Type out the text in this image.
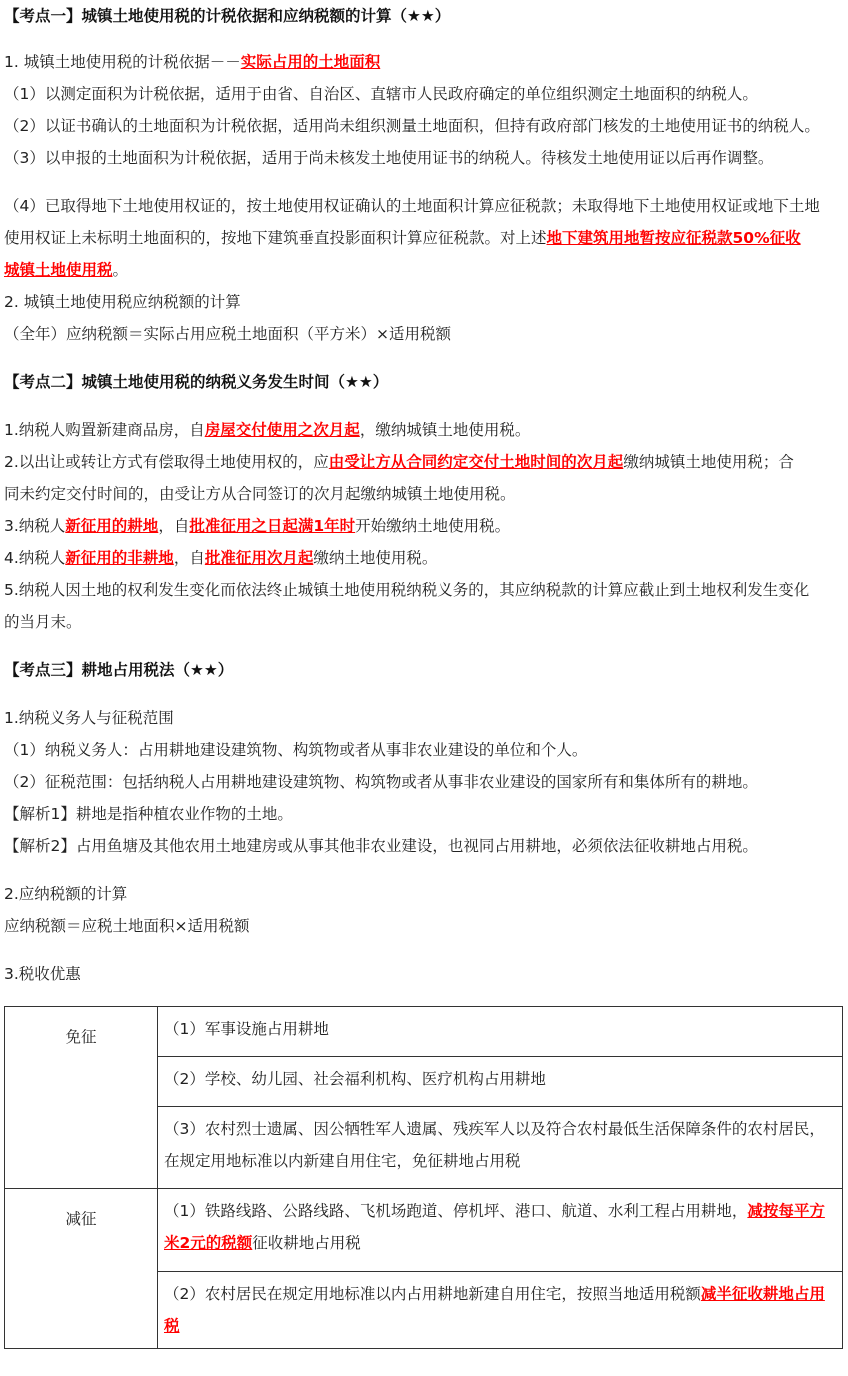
【考点一】城镇土地使用税的计税依据和应纳税额的计算（★★）
1. 城镇土地使用税的计税依据－－实际占用的土地面积
（1）以测定面积为计税依据，适用于由省、自治区、直辖市人民政府确定的单位组织测定土地面积的纳税人。
（2）以证书确认的土地面积为计税依据，适用尚未组织测量土地面积，但持有政府部门核发的土地使用证书的纳税人。
（3）以申报的土地面积为计税依据，适用于尚未核发土地使用证书的纳税人。待核发土地使用证以后再作调整。
（4）已取得地下土地使用权证的，按土地使用权证确认的土地面积计算应征税款；未取得地下土地使用权证或地下土地
使用权证上未标明土地面积的，按地下建筑垂直投影面积计算应征税款。对上述地下建筑用地暂按应征税款50%征收
城镇土地使用税。
2. 城镇土地使用税应纳税额的计算
（全年）应纳税额＝实际占用应税土地面积（平方米）×适用税额
【考点二】城镇土地使用税的纳税义务发生时间（★★）
1.纳税人购置新建商品房，自房屋交付使用之次月起，缴纳城镇土地使用税。
2.以出让或转让方式有偿取得土地使用权的，应由受让方从合同约定交付土地时间的次月起缴纳城镇土地使用税；合
同未约定交付时间的，由受让方从合同签订的次月起缴纳城镇土地使用税。
3.纳税人新征用的耕地，自批准征用之日起满1年时开始缴纳土地使用税。
4.纳税人新征用的非耕地，自批准征用次月起缴纳土地使用税。
5.纳税人因土地的权利发生变化而依法终止城镇土地使用税纳税义务的，其应纳税款的计算应截止到土地权利发生变化
的当月末。
【考点三】耕地占用税法（★★）
1.纳税义务人与征税范围
（1）纳税义务人：占用耕地建设建筑物、构筑物或者从事非农业建设的单位和个人。
（2）征税范围：包括纳税人占用耕地建设建筑物、构筑物或者从事非农业建设的国家所有和集体所有的耕地。
【解析1】耕地是指种植农业作物的土地。
【解析2】占用鱼塘及其他农用土地建房或从事其他非农业建设，也视同占用耕地，必须依法征收耕地占用税。
2.应纳税额的计算
应纳税额＝应税土地面积×适用税额
3.税收优惠
免征	（1）军事设施占用耕地
	（2）学校、幼儿园、社会福利机构、医疗机构占用耕地
	（3）农村烈士遗属、因公牺牲军人遗属、残疾军人以及符合农村最低生活保障条件的农村居民，在规定用地标准以内新建自用住宅，免征耕地占用税
减征	（1）铁路线路、公路线路、飞机场跑道、停机坪、港口、航道、水利工程占用耕地，减按每平方米2元的税额征收耕地占用税
	（2）农村居民在规定用地标准以内占用耕地新建自用住宅，按照当地适用税额减半征收耕地占用税
